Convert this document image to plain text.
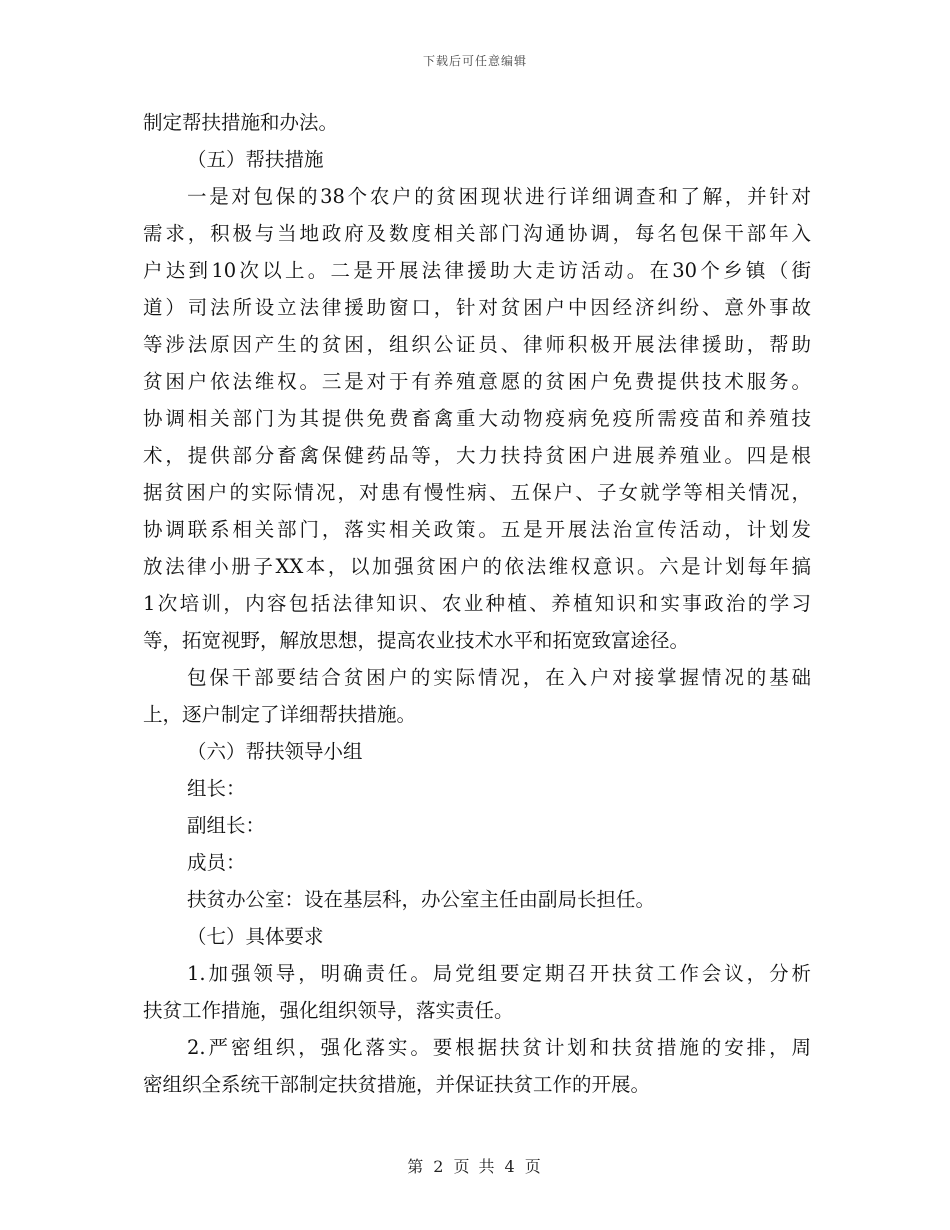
下载后可任意编辑
制定帮扶措施和办法。
（五）帮扶措施
一是对包保的38个农户的贫困现状进行详细调查和了解，并针对
需求，积极与当地政府及数度相关部门沟通协调，每名包保干部年入
户达到10次以上。二是开展法律援助大走访活动。在30个乡镇（街
道）司法所设立法律援助窗口，针对贫困户中因经济纠纷、意外事故
等涉法原因产生的贫困，组织公证员、律师积极开展法律援助，帮助
贫困户依法维权。三是对于有养殖意愿的贫困户免费提供技术服务。
协调相关部门为其提供免费畜禽重大动物疫病免疫所需疫苗和养殖技
术，提供部分畜禽保健药品等，大力扶持贫困户进展养殖业。四是根
据贫困户的实际情况，对患有慢性病、五保户、子女就学等相关情况，
协调联系相关部门，落实相关政策。五是开展法治宣传活动，计划发
放法律小册子XX本，以加强贫困户的依法维权意识。六是计划每年搞
1次培训，内容包括法律知识、农业种植、养植知识和实事政治的学习
等，拓宽视野，解放思想，提高农业技术水平和拓宽致富途径。
包保干部要结合贫困户的实际情况，在入户对接掌握情况的基础
上，逐户制定了详细帮扶措施。
（六）帮扶领导小组
组长：
副组长：
成员：
扶贫办公室：设在基层科，办公室主任由副局长担任。
（七）具体要求
1.加强领导，明确责任。局党组要定期召开扶贫工作会议，分析
扶贫工作措施，强化组织领导，落实责任。
2.严密组织，强化落实。要根据扶贫计划和扶贫措施的安排，周
密组织全系统干部制定扶贫措施，并保证扶贫工作的开展。
第 2 页 共 4 页
